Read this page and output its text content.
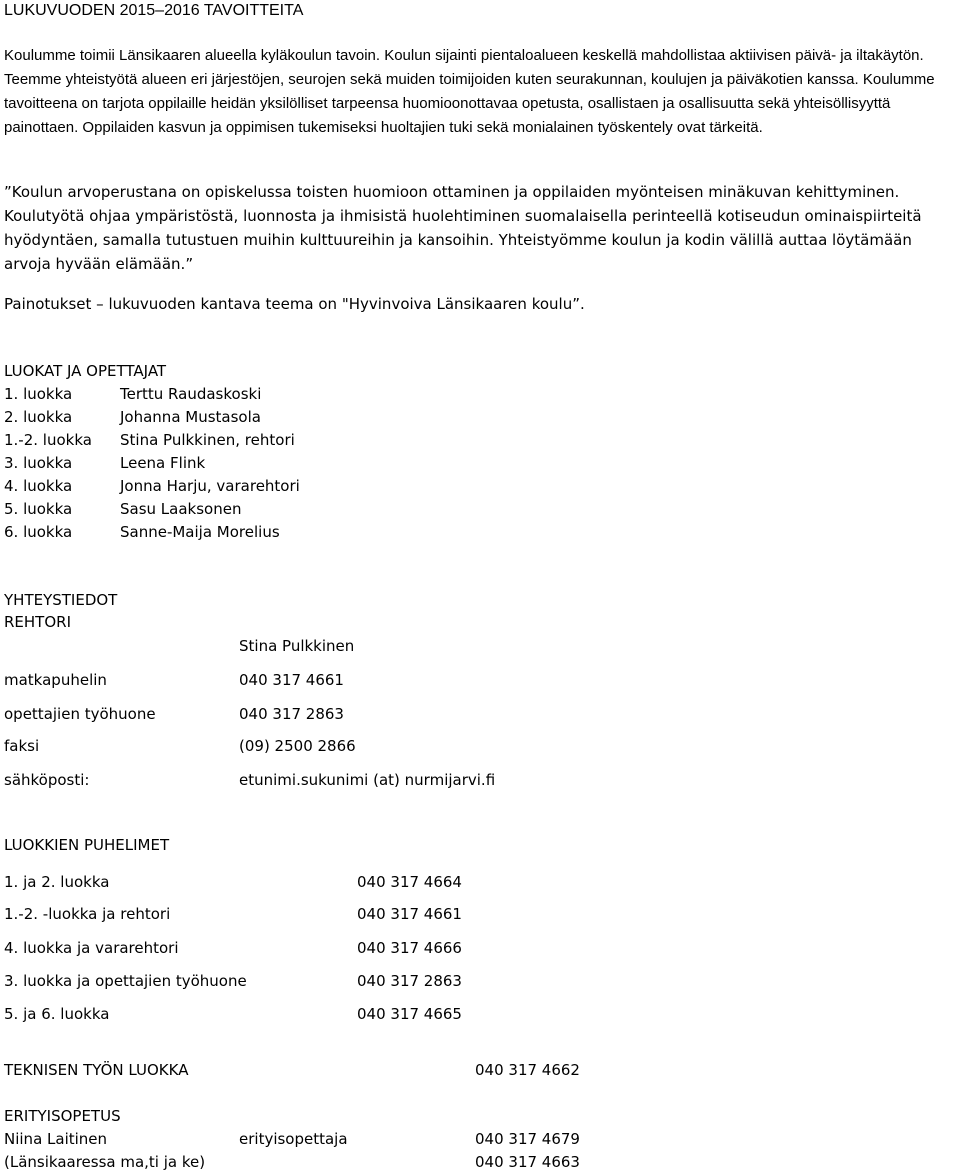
LUKUVUODEN 2015–2016 TAVOITTEITA
Koulumme toimii Länsikaaren alueella kyläkoulun tavoin. Koulun sijainti pientaloalueen keskellä mahdollistaa aktiivisen päivä- ja iltakäytön. Teemme yhteistyötä alueen eri järjestöjen, seurojen sekä muiden toimijoiden kuten seurakunnan, koulujen ja päiväkotien kanssa. Koulumme tavoitteena on tarjota oppilaille heidän yksilölliset tarpeensa huomioonottavaa opetusta, osallistaen ja osallisuutta sekä yhteisöllisyyttä painottaen. Oppilaiden kasvun ja oppimisen tukemiseksi huoltajien tuki sekä monialainen työskentely ovat tärkeitä.
”Koulun arvoperustana on opiskelussa toisten huomioon ottaminen ja oppilaiden myönteisen minäkuvan kehittyminen. Koulutyötä ohjaa ympäristöstä, luonnosta ja ihmisistä huolehtiminen suomalaisella perinteellä kotiseudun ominaispiirteitä hyödyntäen, samalla tutustuen muihin kulttuureihin ja kansoihin. Yhteistyömme koulun ja kodin välillä auttaa löytämään arvoja hyvään elämään.”
Painotukset – lukuvuoden kantava teema on "Hyvinvoiva Länsikaaren koulu”.
LUOKAT JA OPETTAJAT
1. luokka	Terttu Raudaskoski
2. luokka	Johanna Mustasola
1.-2. luokka Stina Pulkkinen, rehtori
3. luokka	Leena Flink
4. luokka	Jonna Harju, vararehtori
5. luokka	Sasu Laaksonen
6. luokka	Sanne-Maija Morelius
YHTEYSTIEDOT
REHTORI
Stina Pulkkinen
matkapuhelin	040 317 4661
opettajien työhuone	040 317 2863
faksi	(09) 2500 2866
sähköposti:	etunimi.sukunimi (at) nurmijarvi.fi
LUOKKIEN PUHELIMET
1. ja 2. luokka	040 317 4664
1.-2. -luokka ja rehtori	040 317 4661
4. luokka ja vararehtori	040 317 4666
3. luokka ja opettajien työhuone	040 317 2863
5. ja 6. luokka	040 317 4665
TEKNISEN TYÖN LUOKKA	040 317 4662
ERITYISOPETUS
Niina Laitinen	erityisopettaja	040 317 4679
(Länsikaaressa ma,ti ja ke)	040 317 4663
